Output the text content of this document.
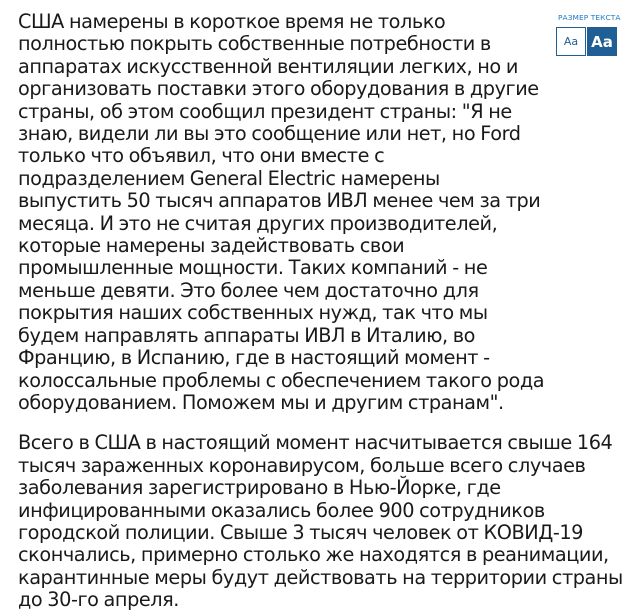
США намерены в короткое время не только полностью покрыть собственные потребности в аппаратах искусственной вентиляции легких, но и организовать поставки этого оборудования в другие страны, об этом сообщил президент страны: "Я не знаю, видели ли вы это сообщение или нет, но Ford только что объявил, что они вместе с подразделением General Electric намерены выпустить 50 тысяч аппаратов ИВЛ менее чем за три месяца. И это не считая других производителей, которые намерены задействовать свои промышленные мощности. Таких компаний - не меньше девяти. Это более чем достаточно для покрытия наших собственных нужд, так что мы будем направлять аппараты ИВЛ в Италию, во Францию, в Испанию, где в настоящий момент - колоссальные проблемы с обеспечением такого рода оборудованием. Поможем мы и другим странам".

Всего в США в настоящий момент насчитывается свыше 164 тысяч зараженных коронавирусом, больше всего случаев заболевания зарегистрировано в Нью-Йорке, где инфицированными оказались более 900 сотрудников городской полиции. Свыше 3 тысяч человек от КОВИД-19 скончались, примерно столько же находятся в реанимации, карантинные меры будут действовать на территории страны до 30-го апреля.

РАЗМЕР ТЕКСТА
Aa Aa
